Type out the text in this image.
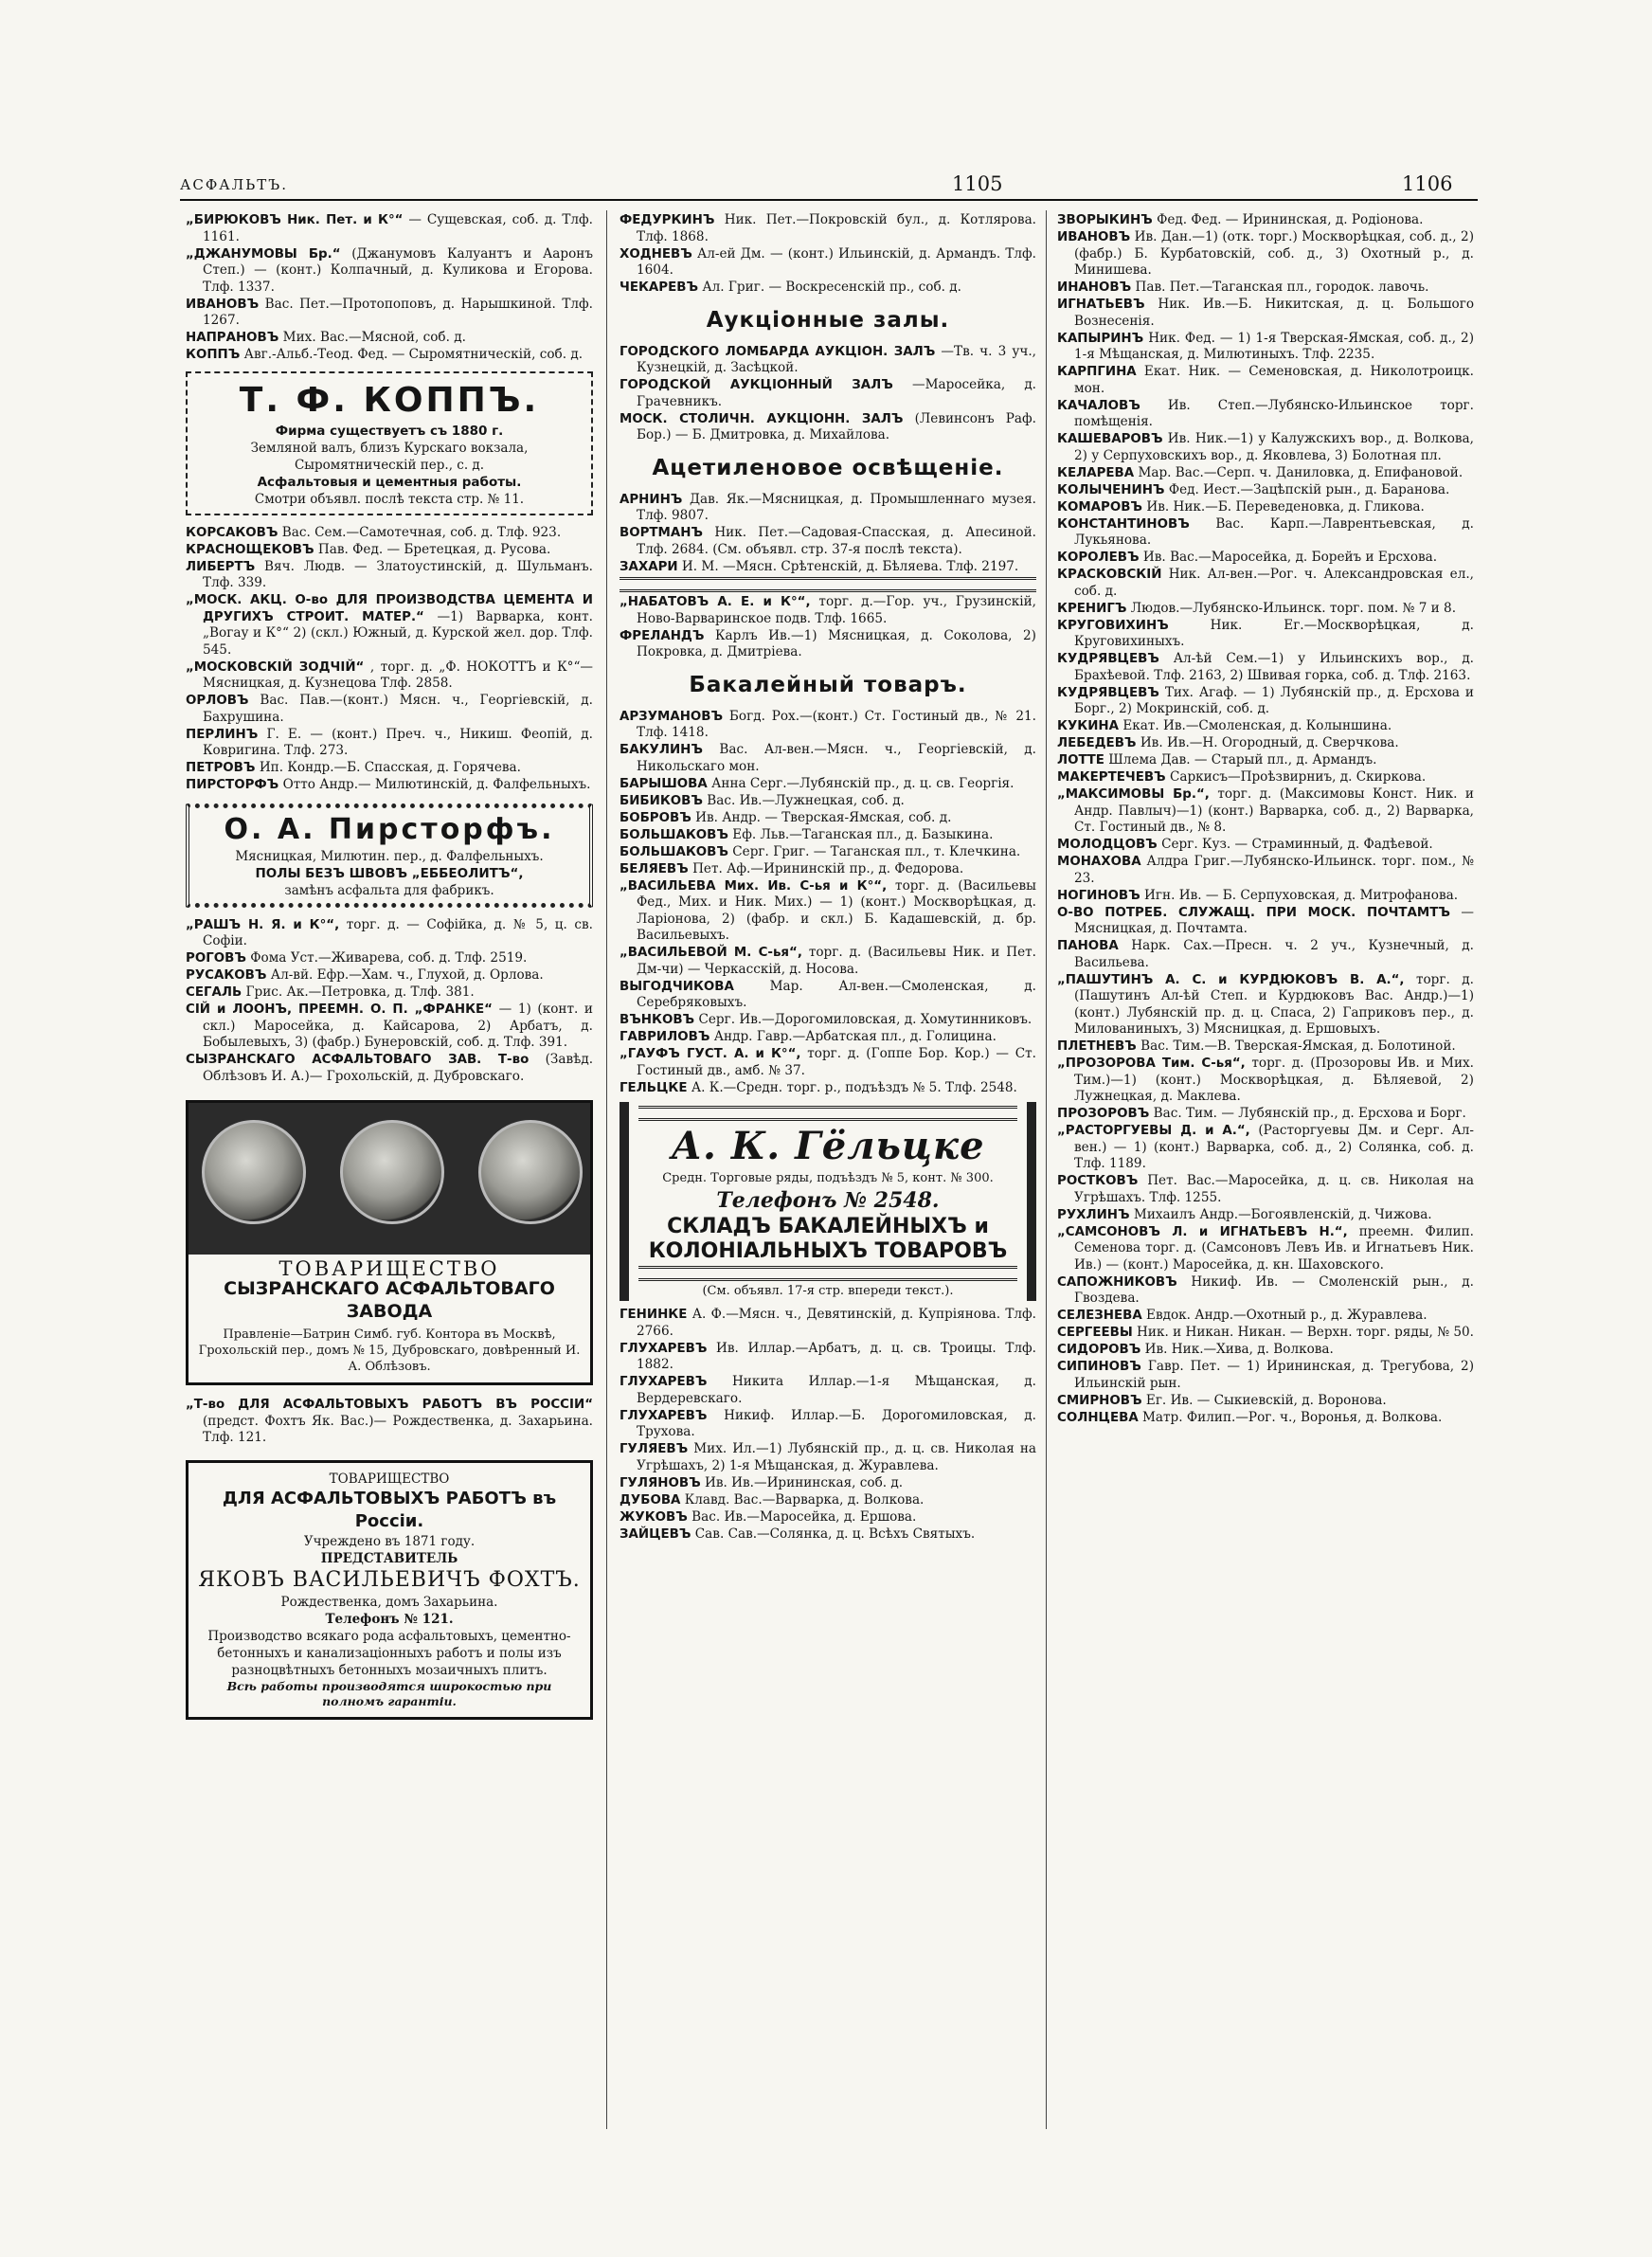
АСФАЛЬТЪ.	1105	1106

„БИРЮКОВЪ Ник. Пет. и К°“ — Сущевская, соб. д. Тлф. 1161.

„ДЖАНУМОВЫ Бр.“ (Джанумовъ Калуантъ и Ааронъ Степ.) — (конт.) Колпачный, д. Куликова и Егорова. Тлф. 1337.

ИВАНОВЪ Вас. Пет.—Протопоповъ, д. Нарышкиной. Тлф. 1267.

НАПРАНОВЪ Мих. Вас.—Мясной, соб. д.

КОППЪ Авг.-Альб.-Теод. Фед. — Сыромятническій, соб. д.

Т. Ф. КОППЪ.
Фирма существуетъ съ 1880 г.
Земляной валъ, близъ Курскаго вокзала, Сыромятническій пер., с. д.
Асфальтовыя и цементныя работы.
Смотри объявл. послѣ текста стр. № 11.

КОРСАКОВЪ Вас. Сем.—Самотечная, соб. д. Тлф. 923.

КРАСНОЩЕКОВЪ Пав. Фед. — Бретецкая, д. Русова.

ЛИБЕРТЪ Вяч. Людв. — Златоустинскій, д. Шульманъ. Тлф. 339.

„МОСК. АКЦ. О-во ДЛЯ ПРОИЗВОДСТВА ЦЕМЕНТА И ДРУГИХЪ СТРОИТ. МАТЕР.“ —1) Варварка, конт. „Вогау и К°“ 2) (скл.) Южный, д. Курской жел. дор. Тлф. 545.

„МОСКОВСКІЙ ЗОДЧІЙ“ , торг. д. „Ф. НОКОТТЪ и К°“—Мясницкая, д. Кузнецова Тлф. 2858.

ОРЛОВЪ Вас. Пав.—(конт.) Мясн. ч., Георгіевскій, д. Бахрушина.

ПЕРЛИНЪ Г. Е. — (конт.) Преч. ч., Никиш. Феопій, д. Ковригина. Тлф. 273.

ПЕТРОВЪ Ип. Кондр.—Б. Спасская, д. Горячева.

ПИРСТОРФЪ Отто Андр.— Милютинскій, д. Фалфельныхъ.

О. А. Пирсторфъ.
Мясницкая, Милютин. пер., д. Фалфельныхъ.
ПОЛЫ БЕЗЪ ШВОВЪ „ЕББЕОЛИТЪ“,
замѣнъ асфальта для фабрикъ.

„РАШЪ Н. Я. и К°“, торг. д. — Софійка, д. № 5, ц. св. Софіи.

РОГОВЪ Фома Уст.—Живарева, соб. д. Тлф. 2519.

РУСАКОВЪ Ал-вй. Ефр.—Хам. ч., Глухой, д. Орлова.

СЕГАЛЬ Грис. Ак.—Петровка, д. Тлф. 381.

СІЙ и ЛООНЪ, ПРЕЕМН. О. П. „ФРАНКЕ“ — 1) (конт. и скл.) Маросейка, д. Кайсарова, 2) Арбатъ, д. Бобылевыхъ, 3) (фабр.) Бунеровскій, соб. д. Тлф. 391.

СЫЗРАНСКАГО АСФАЛЬТОВАГО ЗАВ. Т-во (Завѣд. Облѣзовъ И. А.)— Грохольскій, д. Дубровскаго.

ТОВАРИЩЕСТВО
СЫЗРАНСКАГО АСФАЛЬТОВАГО ЗАВОДА
Правленіе—Батрин Симб. губ. Контора въ Москвѣ, Грохольскій пер., домъ № 15, Дубровскаго, довѣренный И. А. Облѣзовъ.

„Т-во ДЛЯ АСФАЛЬТОВЫХЪ РАБОТЪ ВЪ РОССІИ“ (предст. Фохтъ Як. Вас.)— Рождественка, д. Захарьина. Тлф. 121.

ТОВАРИЩЕСТВО
ДЛЯ АСФАЛЬТОВЫХЪ РАБОТЪ въ Россіи.
Учреждено въ 1871 году.
ПРЕДСТАВИТЕЛЬ
ЯКОВЪ ВАСИЛЬЕВИЧЪ ФОХТЪ.
Рождественка, домъ Захарьина.
Телефонъ № 121.
Производство всякаго рода асфальтовыхъ, цементно-бетонныхъ и канализаціонныхъ работъ и полы изъ разноцвѣтныхъ бетонныхъ мозаичныхъ плитъ.
Всѣ работы производятся широкостью при полномъ гарантіи.

ФЕДУРКИНЪ Ник. Пет.—Покровскій бул., д. Котлярова. Тлф. 1868.

ХОДНЕВЪ Ал-ей Дм. — (конт.) Ильинскій, д. Армандъ. Тлф. 1604.

ЧЕКАРЕВЪ Ал. Григ. — Воскресенскій пр., соб. д.

Аукціонные залы.

ГОРОДСКОГО ЛОМБАРДА АУКЦІОН. ЗАЛЪ —Тв. ч. 3 уч., Кузнецкій, д. Засѣцкой.

ГОРОДСКОЙ АУКЦІОННЫЙ ЗАЛЪ —Маросейка, д. Грачевникъ.

МОСК. СТОЛИЧН. АУКЦІОНН. ЗАЛЪ (Левинсонъ Раф. Бор.) — Б. Дмитровка, д. Михайлова.

Ацетиленовое освѣщеніе.

АРНИНЪ Дав. Як.—Мясницкая, д. Промышленнаго музея. Тлф. 9807.

ВОРТМАНЪ Ник. Пет.—Садовая-Спасская, д. Апесиной. Тлф. 2684. (См. объявл. стр. 37-я послѣ текста).

ЗАХАРИ И. М. —Мясн. Срѣтенскій, д. Бѣляева. Тлф. 2197.

„НАБАТОВЪ А. Е. и К°“, торг. д.—Гор. уч., Грузинскій, Ново-Варваринское подв. Тлф. 1665.

ФРЕЛАНДЪ Карлъ Ив.—1) Мясницкая, д. Соколова, 2) Покровка, д. Дмитріева.

Бакалейный товаръ.

АРЗУМАНОВЪ Богд. Рох.—(конт.) Ст. Гостиный дв., № 21. Тлф. 1418.

БАКУЛИНЪ Вас. Ал-вен.—Мясн. ч., Георгіевскій, д. Никольскаго мон.

БАРЫШОВА Анна Серг.—Лубянскій пр., д. ц. св. Георгія.

БИБИКОВЪ Вас. Ив.—Лужнецкая, соб. д.

БОБРОВЪ Ив. Андр. — Тверская-Ямская, соб. д.

БОЛЬШАКОВЪ Еф. Льв.—Таганская пл., д. Базыкина.

БОЛЬШАКОВЪ Серг. Григ. — Таганская пл., т. Клечкина.

БЕЛЯЕВЪ Пет. Аф.—Ирининскій пр., д. Федорова.

„ВАСИЛЬЕВА Мих. Ив. С-ья и К°“, торг. д. (Васильевы Фед., Мих. и Ник. Мих.) — 1) (конт.) Москворѣцкая, д. Ларіонова, 2) (фабр. и скл.) Б. Кадашевскій, д. бр. Васильевыхъ.

„ВАСИЛЬЕВОЙ М. С-ья“, торг. д. (Васильевы Ник. и Пет. Дм-чи) — Черкасскій, д. Носова.

ВЫГОДЧИКОВА	Мар. Ал-вен.—Смоленская, д. Серебряковыхъ.

ВЪНКОВЪ Серг. Ив.—Дорогомиловская, д. Хомутинниковъ.

ГАВРИЛОВЪ Андр. Гавр.—Арбатская пл., д. Голицина.

„ГАУФЪ ГУСТ. А. и К°“, торг. д. (Гоппе Бор. Кор.) — Ст. Гостиный дв., амб. № 37.

ГЕЛЬЦКЕ А. К.—Средн. торг. р., подъѣздъ № 5. Тлф. 2548.

А. К. Гёльцке
Средн. Торговые ряды, подъѣздъ № 5, конт. № 300.
Телефонъ № 2548.
СКЛАДЪ БАКАЛЕЙНЫХЪ и КОЛОНІАЛЬНЫХЪ ТОВАРОВЪ
(См. объявл. 17-я стр. впереди текст.).

ГЕНИНКЕ А. Ф.—Мясн. ч., Девятинскій, д. Купріянова. Тлф. 2766.

ГЛУХАРЕВЪ Ив. Иллар.—Арбатъ, д. ц. св. Троицы. Тлф. 1882.

ГЛУХАРЕВЪ Никита Иллар.—1-я Мѣщанская, д. Вердеревскаго.

ГЛУХАРЕВЪ Никиф. Иллар.—Б. Дорогомиловская, д. Трухова.

ГУЛЯЕВЪ Мих. Ил.—1) Лубянскій пр., д. ц. св. Николая на Угрѣшахъ, 2) 1-я Мѣщанская, д. Журавлева.

ГУЛЯНОВЪ Ив. Ив.—Ирининская, соб. д.

ДУБОВА Клавд. Вас.—Варварка, д. Волкова.

ЖУКОВЪ Вас. Ив.—Маросейка, д. Ершова.

ЗАЙЦЕВЪ Сав. Сав.—Солянка, д. ц. Всѣхъ Святыхъ.

ЗВОРЫКИНЪ Фед. Фед. — Ирининская, д. Родіонова.

ИВАНОВЪ Ив. Дан.—1) (отк. торг.) Москворѣцкая, соб. д., 2) (фабр.) Б. Курбатовскій, соб. д., 3) Охотный р., д. Минишева.

ИНАНОВЪ Пав. Пет.—Таганская пл., городок. лавочь.

ИГНАТЬЕВЪ Ник. Ив.—Б. Никитская, д. ц. Большого Вознесенія.

КАПЫРИНЪ Ник. Фед. — 1) 1-я Тверская-Ямская, соб. д., 2) 1-я Мѣщанская, д. Милютиныхъ. Тлф. 2235.

КАРПГИНА Екат. Ник. — Семеновская, д. Николотроицк. мон.

КАЧАЛОВЪ Ив. Степ.—Лубянско-Ильинское торг. помѣщенія.

КАШЕВАРОВЪ Ив. Ник.—1) у Калужскихъ вор., д. Волкова, 2) у Серпуховскихъ вор., д. Яковлева, 3) Болотная пл.

КЕЛАРЕВА Мар. Вас.—Серп. ч. Даниловка, д. Епифановой.

КОЛЫЧЕНИНЪ Фед. Иест.—Зацѣпскій рын., д. Баранова.

КОМАРОВЪ Ив. Ник.—Б. Переведеновка, д. Гликова.

КОНСТАНТИНОВЪ Вас. Карп.—Лаврентьевская, д. Лукьянова.

КОРОЛЕВЪ Ив. Вас.—Маросейка, д. Борейъ и Ерсхова.

КРАСКОВСКІЙ Ник. Ал-вен.—Рог. ч. Александровская ел., соб. д.

КРЕНИГЪ Людов.—Лубянско-Ильинск. торг. пом. № 7 и 8.

КРУГОВИХИНЪ	Ник. Ег.—Москворѣцкая, д. Круговихиныхъ.

КУДРЯВЦЕВЪ Ал-ѣй Сем.—1) у Ильинскихъ вор., д. Брахѣевой. Тлф. 2163, 2) Швивая горка, соб. д. Тлф. 2163.

КУДРЯВЦЕВЪ Тих. Агаф. — 1) Лубянскій пр., д. Ерсхова и Борг., 2) Мокринскій, соб. д.

КУКИНА Екат. Ив.—Смоленская, д. Колыншина.

ЛЕБЕДЕВЪ Ив. Ив.—Н. Огородный, д. Сверчкова.

ЛОТТЕ Шлема Дав. — Старый пл., д. Армандъ.

МАКЕРТЕЧЕВЪ Саркисъ—Проѣзвирниъ, д. Скиркова.

„МАКСИМОВЫ Бр.“, торг. д. (Максимовы Конст. Ник. и Андр. Павлыч)—1) (конт.) Варварка, соб. д., 2) Варварка, Ст. Гостиный дв., № 8.

МОЛОДЦОВЪ Серг. Куз. — Страминный, д. Фадѣевой.

МОНАХОВА Алдра Григ.—Лубянско-Ильинск. торг. пом., № 23.

НОГИНОВЪ Игн. Ив. — Б. Серпуховская, д. Митрофанова.

О-ВО ПОТРЕБ. СЛУЖАЩ. ПРИ МОСК. ПОЧТАМТЪ —Мясницкая, д. Почтамта.

ПАНОВА Нарк. Сах.—Пресн. ч. 2 уч., Кузнечный, д. Васильева.

„ПАШУТИНЪ А. С. и КУРДЮКОВЪ В. А.“, торг. д. (Пашутинъ Ал-ѣй Степ. и Курдюковъ Вас. Андр.)—1) (конт.) Лубянскій пр. д. ц. Спаса, 2) Гаприковъ пер., д. Милованиныхъ, 3) Мясницкая, д. Ершовыхъ.

ПЛЕТНЕВЪ Вас. Тим.—В. Тверская-Ямская, д. Болотиной.

„ПРОЗОРОВА Тим. С-ья“, торг. д. (Прозоровы Ив. и Мих. Тим.)—1) (конт.) Москворѣцкая, д. Бѣляевой, 2) Лужнецкая, д. Маклева.

ПРОЗОРОВЪ Вас. Тим. — Лубянскій пр., д. Ерсхова и Борг.

„РАСТОРГУЕВЫ Д. и А.“, (Расторгуевы Дм. и Серг. Ал-вен.) — 1) (конт.) Варварка, соб. д., 2) Солянка, соб. д. Тлф. 1189.

РОСТКОВЪ Пет. Вас.—Маросейка, д. ц. св. Николая на Угрѣшахъ. Тлф. 1255.

РУХЛИНЪ Михаилъ Андр.—Богоявленскій, д. Чижова.

„САМСОНОВЪ Л. и ИГНАТЬЕВЪ Н.“, преемн. Филип. Семенова торг. д. (Самсоновъ Левъ Ив. и Игнатьевъ Ник. Ив.) — (конт.) Маросейка, д. кн. Шаховского.

САПОЖНИКОВЪ Никиф. Ив. — Смоленскій рын., д. Гвоздева.

СЕЛЕЗНЕВА Евдок. Андр.—Охотный р., д. Журавлева.

СЕРГЕЕВЫ Ник. и Никан. Никан. — Верхн. торг. ряды, № 50.

СИДОРОВЪ Ив. Ник.—Хива, д. Волкова.

СИПИНОВЪ Гавр. Пет. — 1) Ирининская, д. Трегубова, 2) Ильинскій рын.

СМИРНОВЪ Ег. Ив. — Сыкиевскій, д. Воронова.

СОЛНЦЕВА Матр. Филип.—Рог. ч., Воронья, д. Волкова.
